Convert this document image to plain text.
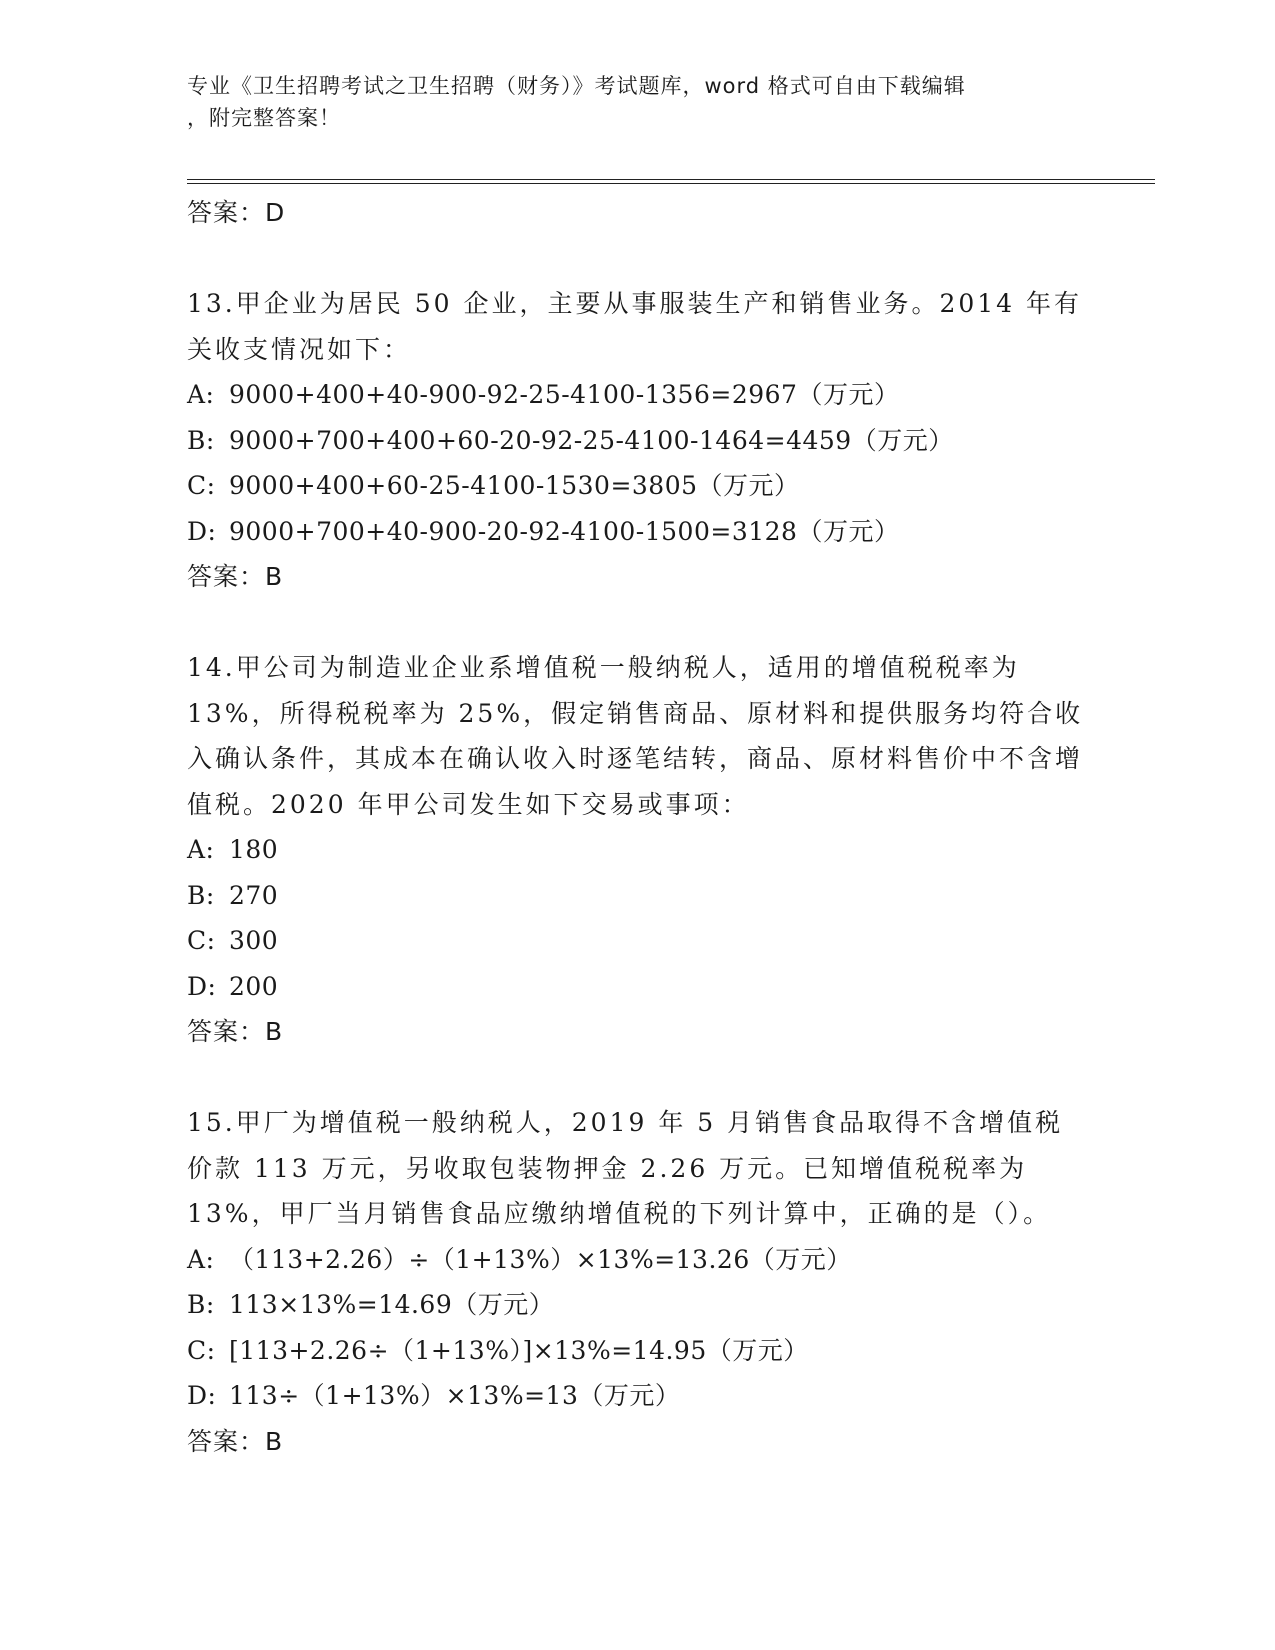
专业《卫生招聘考试之卫生招聘（财务）》考试题库，word 格式可自由下载编辑
，附完整答案！
答案：D
13.甲企业为居民 50 企业，主要从事服装生产和销售业务。2014 年有关收支情况如下：
A: 9000+400+40-900-92-25-4100-1356=2967（万元）
B: 9000+700+400+60-20-92-25-4100-1464=4459（万元）
C: 9000+400+60-25-4100-1530=3805（万元）
D: 9000+700+40-900-20-92-4100-1500=3128（万元）
答案：B
14.甲公司为制造业企业系增值税一般纳税人，适用的增值税税率为 13%，所得税税率为 25%，假定销售商品、原材料和提供服务均符合收入确认条件，其成本在确认收入时逐笔结转，商品、原材料售价中不含增值税。2020 年甲公司发生如下交易或事项：
A: 180
B: 270
C: 300
D: 200
答案：B
15.甲厂为增值税一般纳税人，2019 年 5 月销售食品取得不含增值税价款 113 万元，另收取包装物押金 2.26 万元。已知增值税税率为 13%，甲厂当月销售食品应缴纳增值税的下列计算中，正确的是（）。
A: （113+2.26）÷（1+13%）×13%=13.26（万元）
B: 113×13%=14.69（万元）
C: [113+2.26÷（1+13%）]×13%=14.95（万元）
D: 113÷（1+13%）×13%=13（万元）
答案：B
